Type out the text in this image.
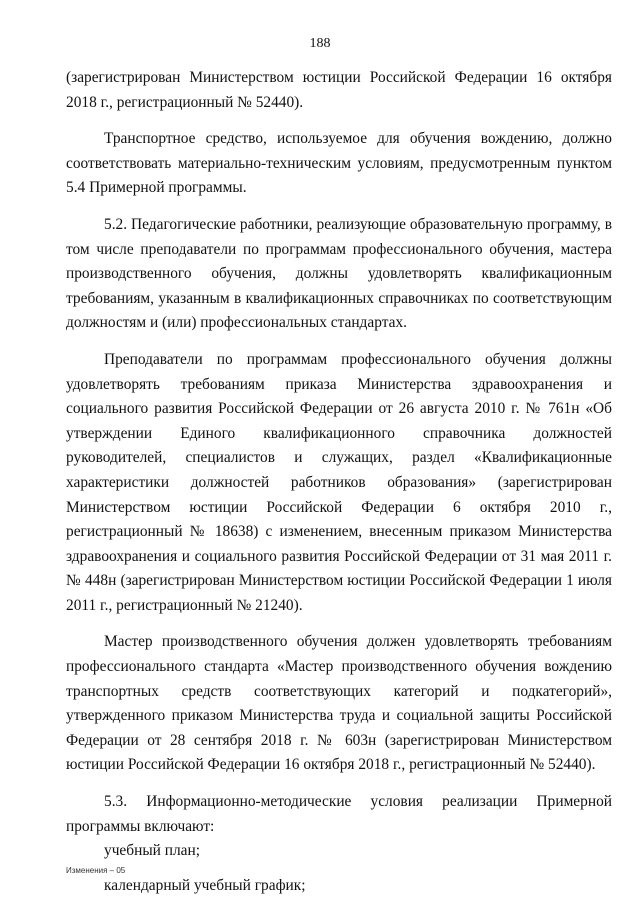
188

(зарегистрирован Министерством юстиции Российской Федерации 16 октября 2018 г., регистрационный № 52440).

Транспортное средство, используемое для обучения вождению, должно соответствовать материально-техническим условиям, предусмотренным пунктом 5.4 Примерной программы.

5.2. Педагогические работники, реализующие образовательную программу, в том числе преподаватели по программам профессионального обучения, мастера производственного обучения, должны удовлетворять квалификационным требованиям, указанным в квалификационных справочниках по соответствующим должностям и (или) профессиональных стандартах.

Преподаватели по программам профессионального обучения должны удовлетворять требованиям приказа Министерства здравоохранения и социального развития Российской Федерации от 26 августа 2010 г. № 761н «Об утверждении Единого квалификационного справочника должностей руководителей, специалистов и служащих, раздел «Квалификационные характеристики должностей работников образования» (зарегистрирован Министерством юстиции Российской Федерации 6 октября 2010 г., регистрационный № 18638) с изменением, внесенным приказом Министерства здравоохранения и социального развития Российской Федерации от 31 мая 2011 г. № 448н (зарегистрирован Министерством юстиции Российской Федерации 1 июля 2011 г., регистрационный № 21240).

Мастер производственного обучения должен удовлетворять требованиям профессионального стандарта «Мастер производственного обучения вождению транспортных средств соответствующих категорий и подкатегорий», утвержденного приказом Министерства труда и социальной защиты Российской Федерации от 28 сентября 2018 г. № 603н (зарегистрирован Министерством юстиции Российской Федерации 16 октября 2018 г., регистрационный № 52440).

5.3. Информационно-методические условия реализации Примерной программы включают:

учебный план;

календарный учебный график;

Изменения – 05
